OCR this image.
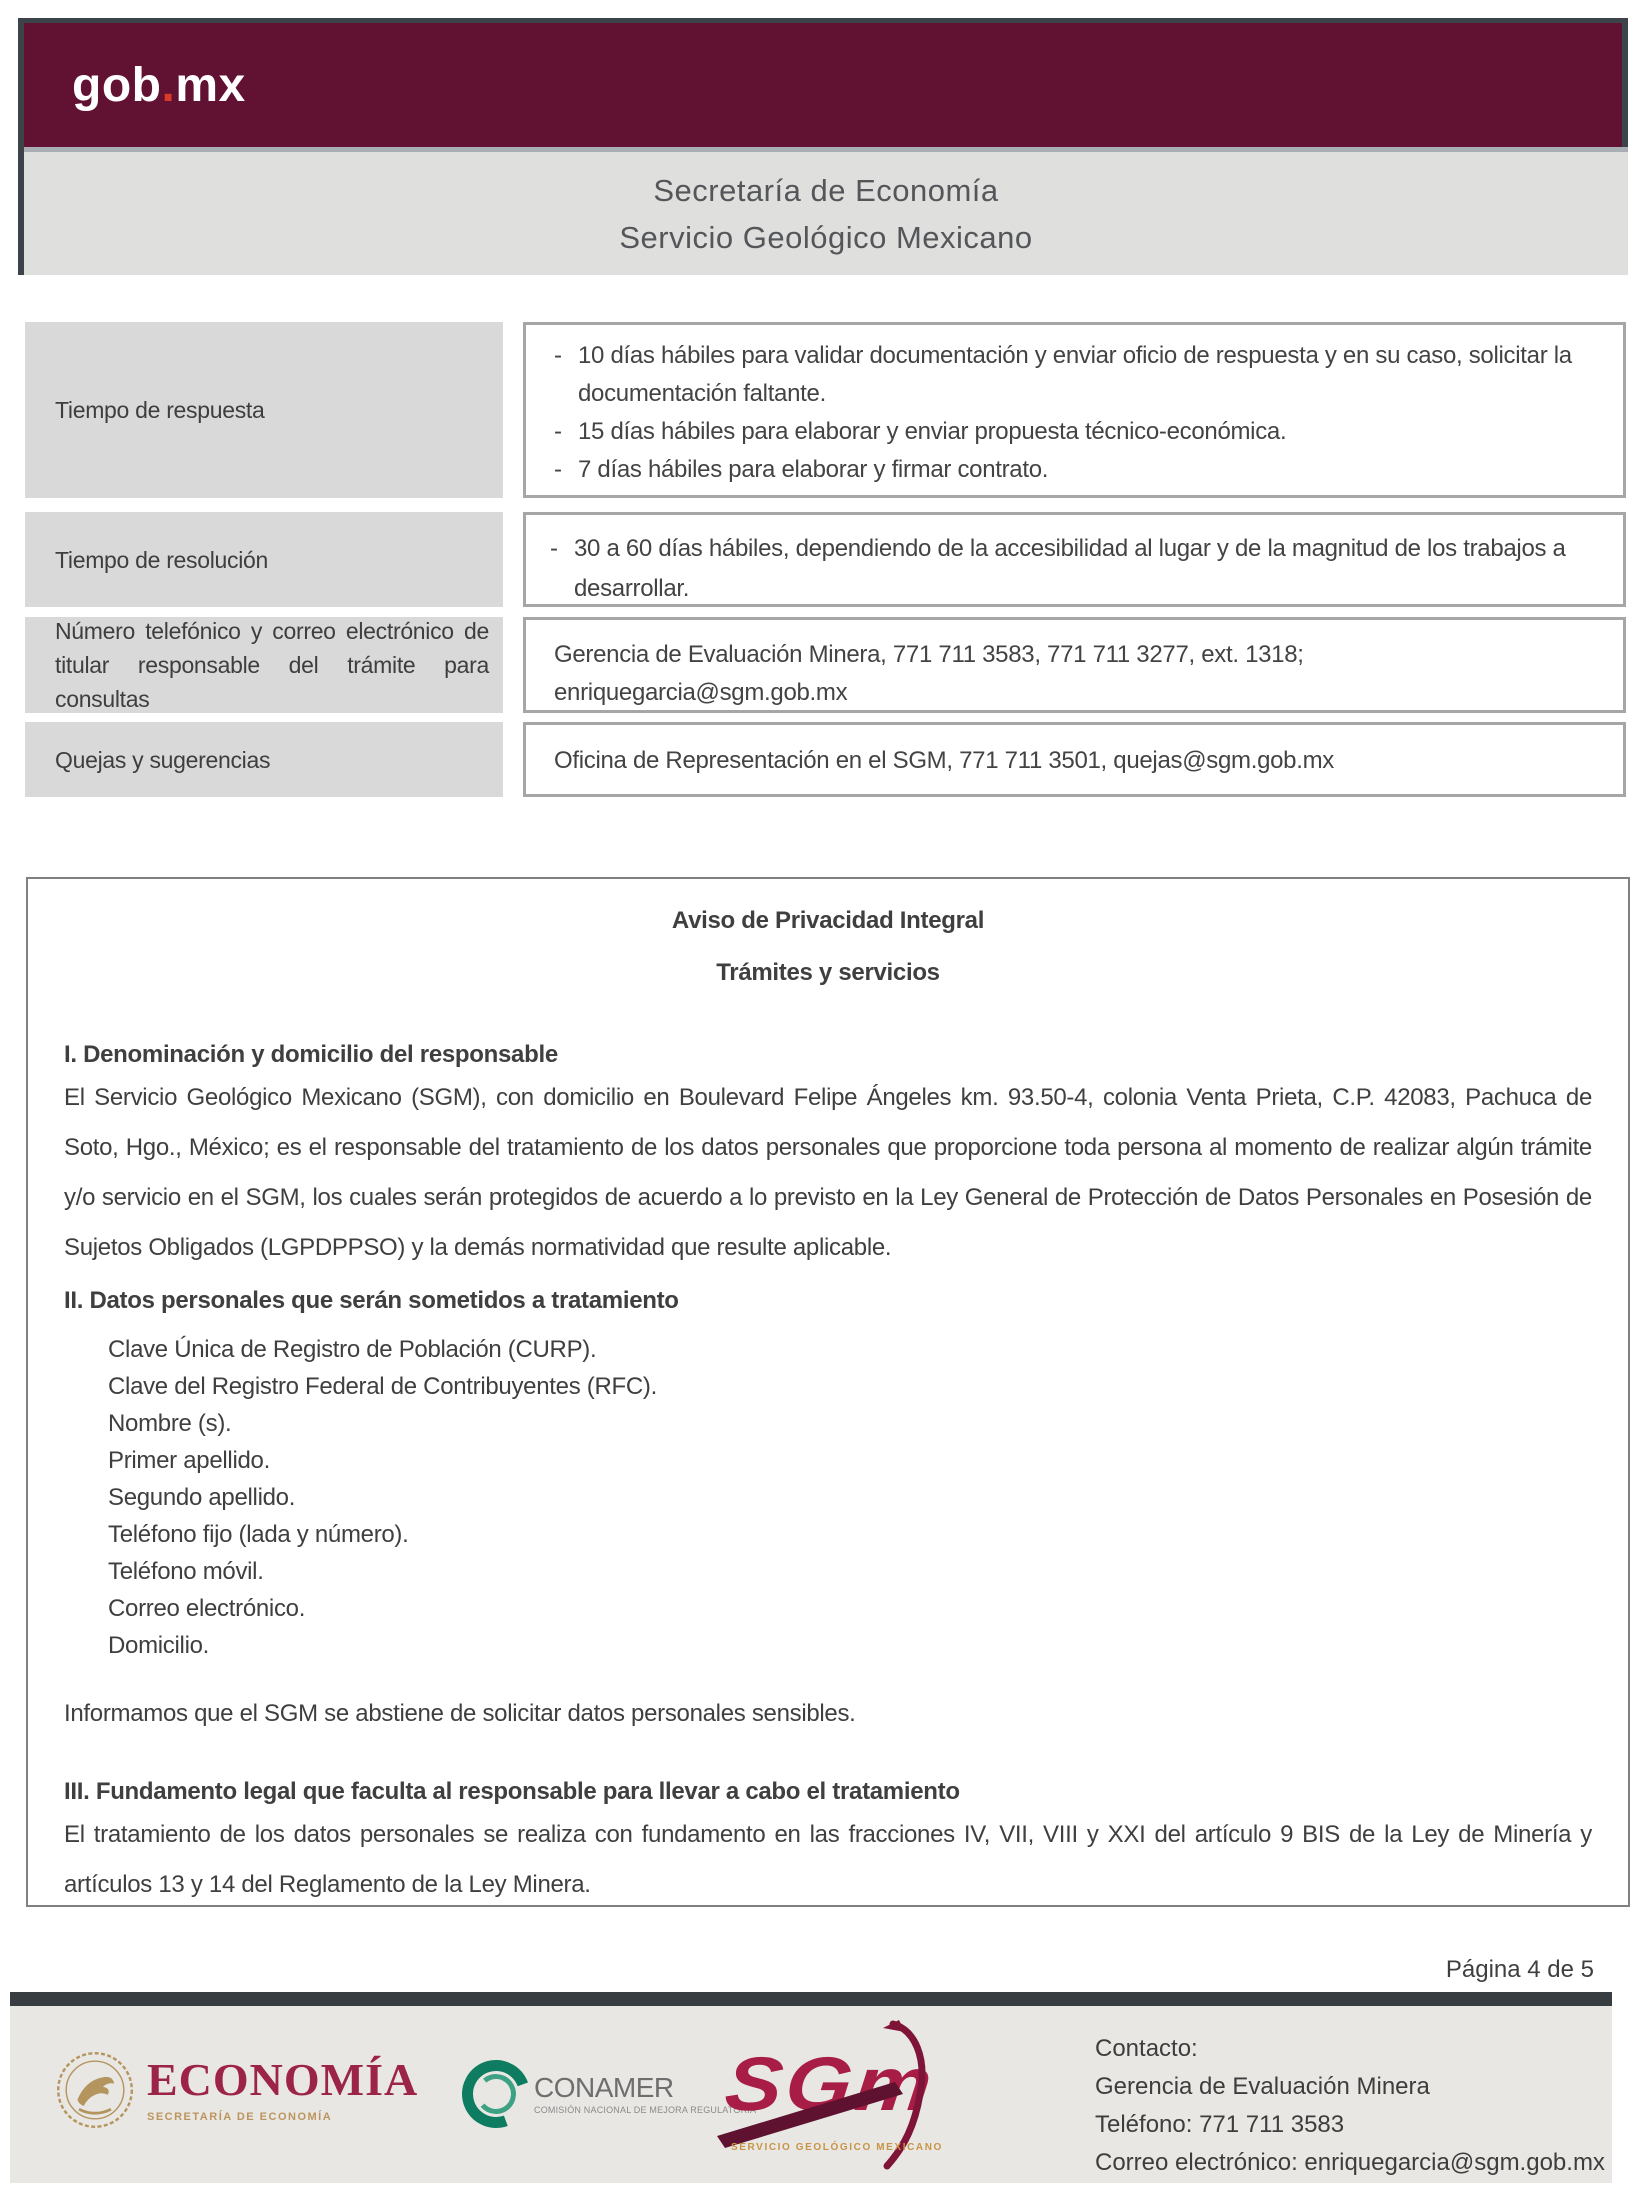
gob.mx
Secretaría de Economía
Servicio Geológico Mexicano
Tiempo de respuesta
- 10 días hábiles para validar documentación y enviar oficio de respuesta y en su caso, solicitar la documentación faltante.
- 15 días hábiles para elaborar y enviar propuesta técnico-económica.
- 7 días hábiles para elaborar y firmar contrato.
Tiempo de resolución	- 30 a 60 días hábiles, dependiendo de la accesibilidad al lugar y de la magnitud de los trabajos a desarrollar.
Número telefónico y correo electrónico de titular responsable del trámite para consultas
Gerencia de Evaluación Minera, 771 711 3583, 771 711 3277, ext. 1318;
enriquegarcia@sgm.gob.mx
Quejas y sugerencias	Oficina de Representación en el SGM, 771 711 3501, quejas@sgm.gob.mx
Aviso de Privacidad Integral
Trámites y servicios
I. Denominación y domicilio del responsable
El Servicio Geológico Mexicano (SGM), con domicilio en Boulevard Felipe Ángeles km. 93.50-4, colonia Venta Prieta, C.P. 42083, Pachuca de Soto, Hgo., México; es el responsable del tratamiento de los datos personales que proporcione toda persona al momento de realizar algún trámite y/o servicio en el SGM, los cuales serán protegidos de acuerdo a lo previsto en la Ley General de Protección de Datos Personales en Posesión de Sujetos Obligados (LGPDPPSO) y la demás normatividad que resulte aplicable.
II. Datos personales que serán sometidos a tratamiento
Clave Única de Registro de Población (CURP).
Clave del Registro Federal de Contribuyentes (RFC).
Nombre (s).
Primer apellido.
Segundo apellido.
Teléfono fijo (lada y número).
Teléfono móvil.
Correo electrónico.
Domicilio.
Informamos que el SGM se abstiene de solicitar datos personales sensibles.
III. Fundamento legal que faculta al responsable para llevar a cabo el tratamiento
El tratamiento de los datos personales se realiza con fundamento en las fracciones IV, VII, VIII y XXI del artículo 9 BIS de la Ley de Minería y artículos 13 y 14 del Reglamento de la Ley Minera.
Página 4 de 5
ECONOMÍA
SECRETARÍA DE ECONOMÍA
CONAMER
COMISIÓN NACIONAL DE MEJORA REGULATORIA
SGm
SERVICIO GEOLÓGICO MEXICANO
Contacto:
Gerencia de Evaluación Minera
Teléfono: 771 711 3583
Correo electrónico: enriquegarcia@sgm.gob.mx
